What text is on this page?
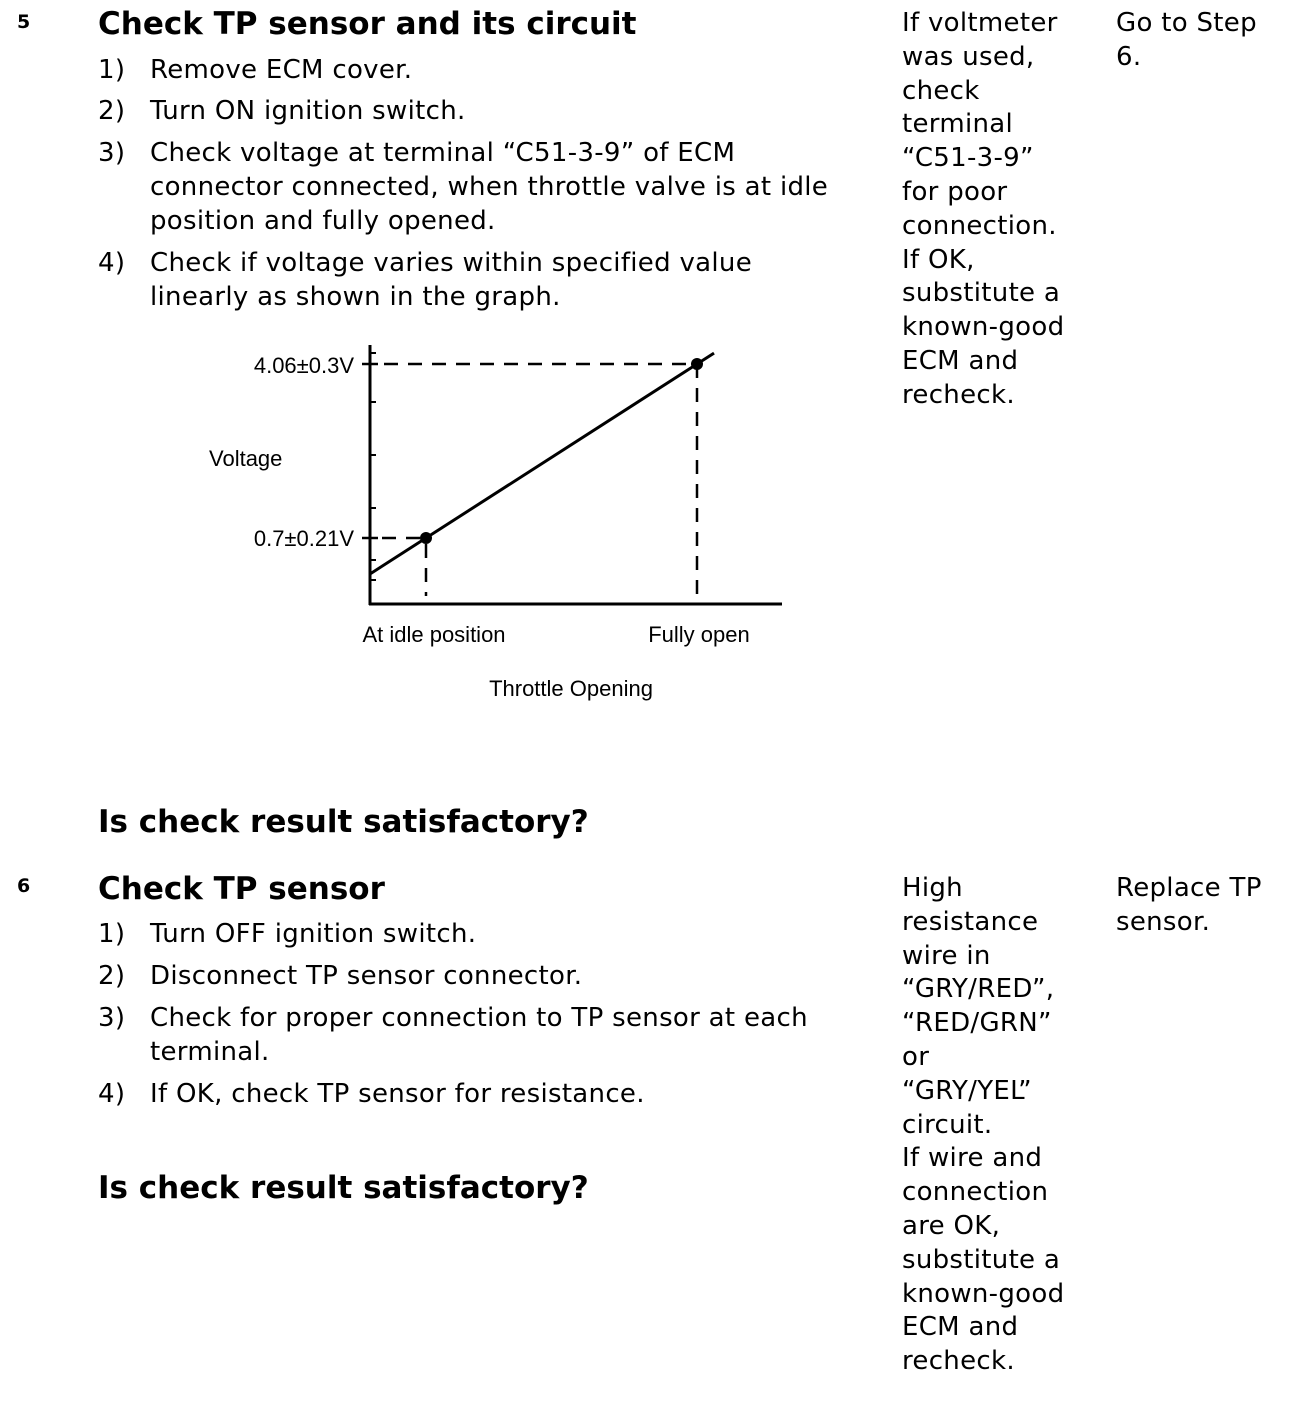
5 Check TP sensor and its circuit
1) Remove ECM cover.
2) Turn ON ignition switch.
3) Check voltage at terminal “C51-3-9” of ECM
connector connected, when throttle valve is at idle
position and fully opened.
4) Check if voltage varies within specified value
linearly as shown in the graph.
4.06±0.3V
0.7±0.21V
Voltage
At idle position	Fully open
Throttle Opening
Is check result satisfactory?
If voltmeter
was used,
check
terminal
“C51-3-9”
for poor
connection.
If OK,
substitute a
known-good
ECM and
recheck.
Go to Step
6.
6 Check TP sensor
1) Turn OFF ignition switch.
2) Disconnect TP sensor connector.
3) Check for proper connection to TP sensor at each
terminal.
4) If OK, check TP sensor for resistance.
Is check result satisfactory?
High
resistance
wire in
“GRY/RED”,
“RED/GRN”
or
“GRY/YEL”
circuit.
If wire and
connection
are OK,
substitute a
known-good
ECM and
recheck.
Replace TP
sensor.
